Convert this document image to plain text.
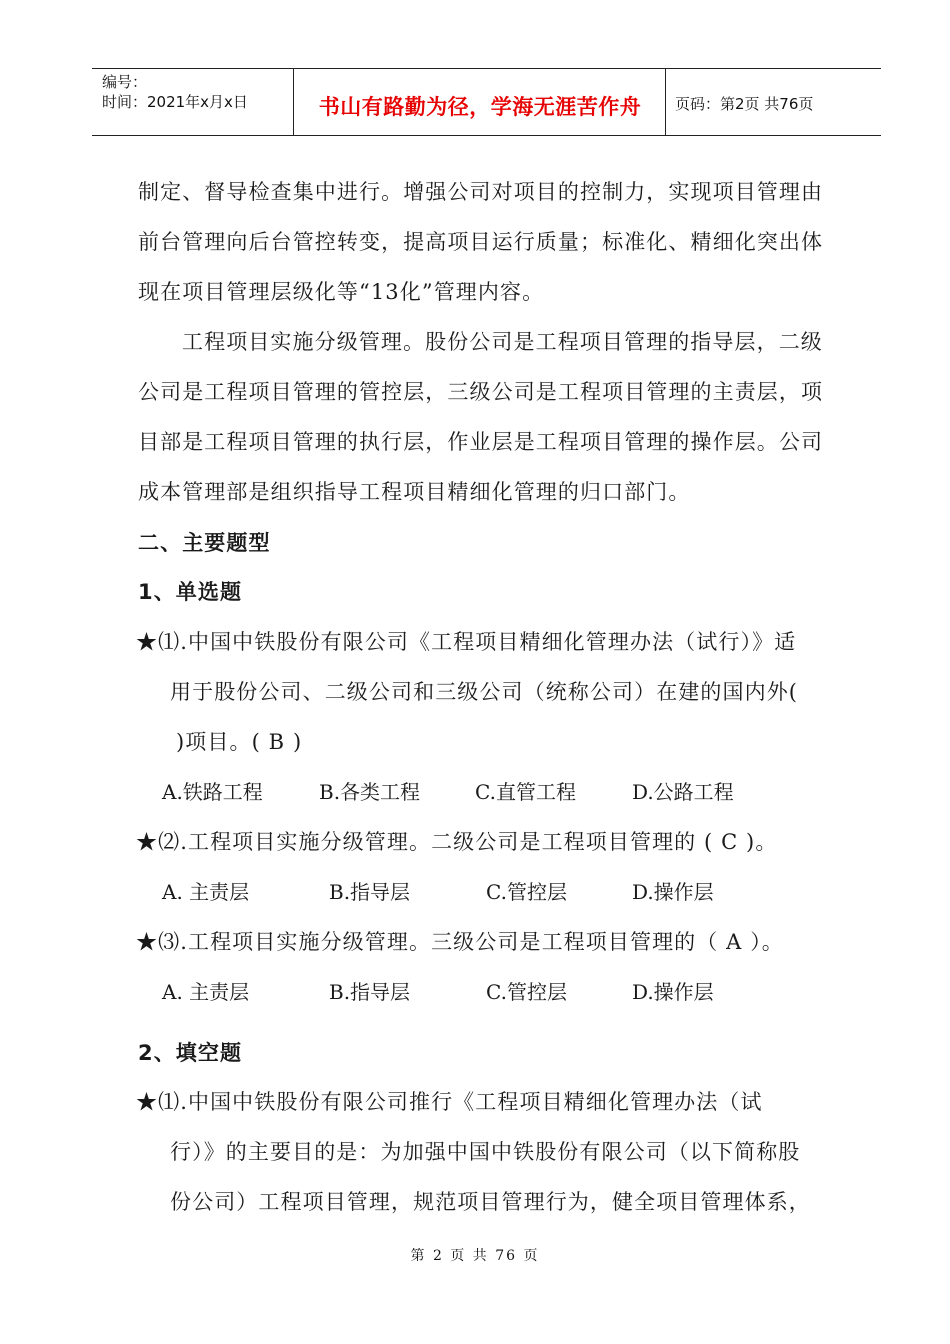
编号：
时间：2021年x月x日	书山有路勤为径，学海无涯苦作舟	页码：第2页 共76页
制定、督导检查集中进行。增强公司对项目的控制力，实现项目管理由
前台管理向后台管控转变，提高项目运行质量；标准化、精细化突出体
现在项目管理层级化等“13化”管理内容。
工程项目实施分级管理。股份公司是工程项目管理的指导层，二级
公司是工程项目管理的管控层，三级公司是工程项目管理的主责层，项
目部是工程项目管理的执行层，作业层是工程项目管理的操作层。公司
成本管理部是组织指导工程项目精细化管理的归口部门。
二、主要题型
1、单选题
★⑴.中国中铁股份有限公司《工程项目精细化管理办法（试行）》适
用于股份公司、二级公司和三级公司（统称公司）在建的国内外(
)项目。( B )
A.铁路工程	B.各类工程	C.直管工程	D.公路工程
★⑵.工程项目实施分级管理。二级公司是工程项目管理的 ( C )。
A. 主责层	B.指导层	C.管控层	D.操作层
★⑶.工程项目实施分级管理。三级公司是工程项目管理的（ A ）。
A. 主责层	B.指导层	C.管控层	D.操作层
2、填空题
★⑴.中国中铁股份有限公司推行《工程项目精细化管理办法（试
行）》的主要目的是：为加强中国中铁股份有限公司（以下简称股
份公司）工程项目管理，规范项目管理行为，健全项目管理体系，
第 2 页 共 76 页
